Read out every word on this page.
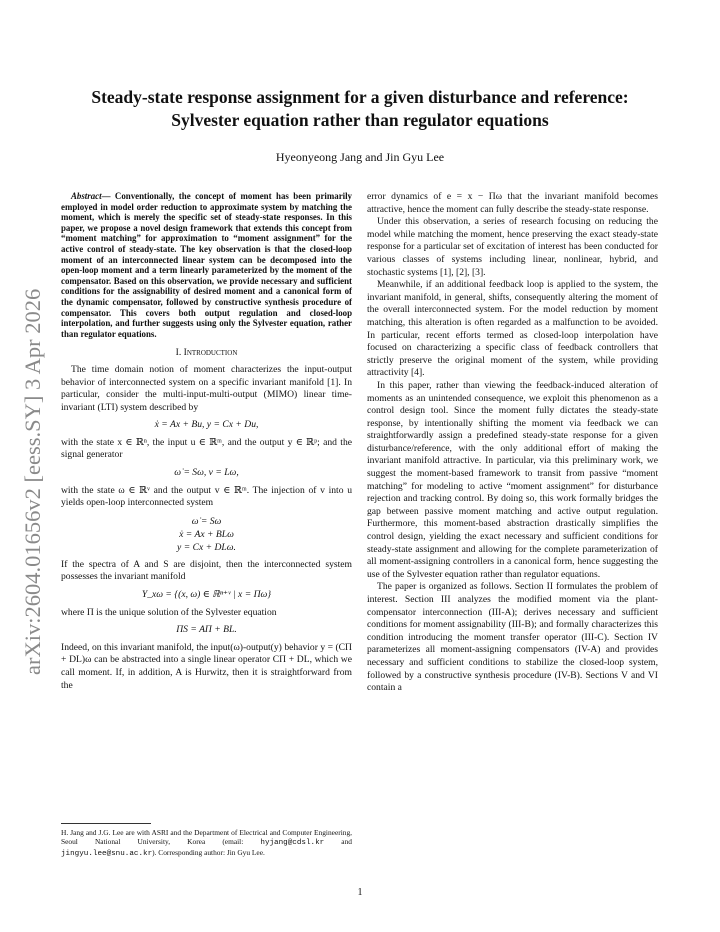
arXiv:2604.01656v2 [eess.SY] 3 Apr 2026
Steady-state response assignment for a given disturbance and reference:
Sylvester equation rather than regulator equations
Hyeonyeong Jang and Jin Gyu Lee

Abstract— Conventionally, the concept of moment has been primarily employed in model order reduction to approximate system by matching the moment, which is merely the specific set of steady-state responses. In this paper, we propose a novel design framework that extends this concept from “moment matching” for approximation to “moment assignment” for the active control of steady-state. The key observation is that the closed-loop moment of an interconnected linear system can be decomposed into the open-loop moment and a term linearly parameterized by the moment of the compensator. Based on this observation, we provide necessary and sufficient conditions for the assignability of desired moment and a canonical form of the dynamic compensator, followed by constructive synthesis procedure of compensator. This covers both output regulation and closed-loop interpolation, and further suggests using only the Sylvester equation, rather than regulator equations.

I. Introduction

The time domain notion of moment characterizes the input-output behavior of interconnected system on a specific invariant manifold [1]. In particular, consider the multi-input-multi-output (MIMO) linear time-invariant (LTI) system described by

ẋ = Ax + Bu, y = Cx + Du,

with the state x ∈ ℝⁿ, the input u ∈ ℝᵐ, and the output y ∈ ℝᵖ; and the signal generator

ω̇ = Sω, v = Lω,

with the state ω ∈ ℝᵛ and the output v ∈ ℝᵐ. The injection of v into u yields open-loop interconnected system

ω̇ = Sω
ẋ = Ax + BLω
y = Cx + DLω.

If the spectra of A and S are disjoint, then the interconnected system possesses the invariant manifold

Υ_xω = {(x, ω) ∈ ℝⁿ⁺ᵛ | x = Πω}

where Π is the unique solution of the Sylvester equation

ΠS = AΠ + BL.

Indeed, on this invariant manifold, the input(ω)-output(y) behavior y = (CΠ + DL)ω can be abstracted into a single linear operator CΠ + DL, which we call moment. If, in addition, A is Hurwitz, then it is straightforward from the

H. Jang and J.G. Lee are with ASRI and the Department of Electrical and Computer Engineering, Seoul National University, Korea (email: hyjang@cdsl.kr and jingyu.lee@snu.ac.kr). Corresponding author: Jin Gyu Lee.

error dynamics of e = x − Πω that the invariant manifold becomes attractive, hence the moment can fully describe the steady-state response.

Under this observation, a series of research focusing on reducing the model while matching the moment, hence preserving the exact steady-state response for a particular set of excitation of interest has been conducted for various classes of systems including linear, nonlinear, hybrid, and stochastic systems [1], [2], [3].

Meanwhile, if an additional feedback loop is applied to the system, the invariant manifold, in general, shifts, consequently altering the moment of the overall interconnected system. For the model reduction by moment matching, this alteration is often regarded as a malfunction to be avoided. In particular, recent efforts termed as closed-loop interpolation have focused on characterizing a specific class of feedback controllers that strictly preserve the original moment of the system, while providing attractivity [4].

In this paper, rather than viewing the feedback-induced alteration of moments as an unintended consequence, we exploit this phenomenon as a control design tool. Since the moment fully dictates the steady-state response, by intentionally shifting the moment via feedback we can straightforwardly assign a predefined steady-state response for a given disturbance/reference, with the only additional effort of making the invariant manifold attractive. In particular, via this preliminary work, we suggest the moment-based framework to transit from passive “moment matching” for modeling to active “moment assignment” for disturbance rejection and tracking control. By doing so, this work formally bridges the gap between passive moment matching and active output regulation. Furthermore, this moment-based abstraction drastically simplifies the control design, yielding the exact necessary and sufficient conditions for steady-state assignment and allowing for the complete parameterization of all moment-assigning controllers in a canonical form, hence suggesting the use of the Sylvester equation rather than regulator equations.

The paper is organized as follows. Section II formulates the problem of interest. Section III analyzes the modified moment via the plant-compensator interconnection (III-A); derives necessary and sufficient conditions for moment assignability (III-B); and formally characterizes this condition introducing the moment transfer operator (III-C). Section IV parameterizes all moment-assigning compensators (IV-A) and provides necessary and sufficient conditions to stabilize the closed-loop system, followed by a constructive synthesis procedure (IV-B). Sections V and VI contain a

1
